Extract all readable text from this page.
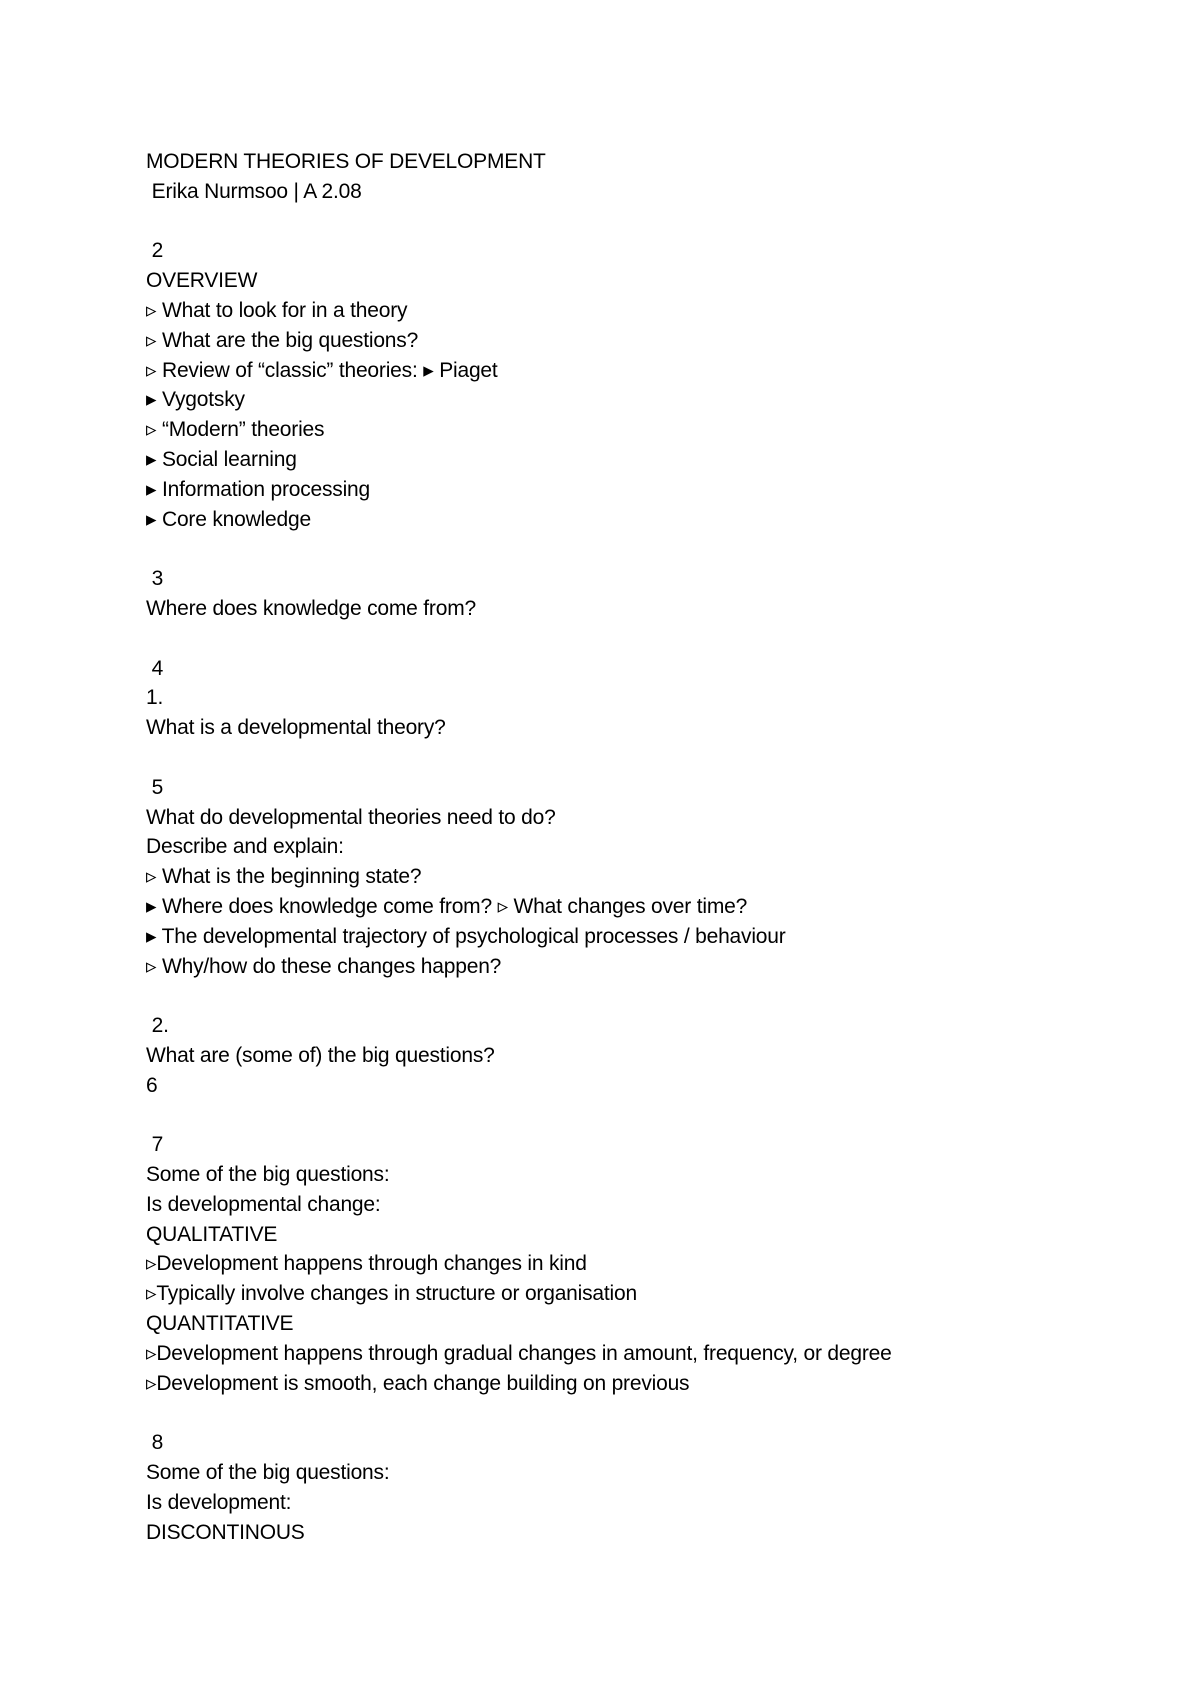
MODERN THEORIES OF DEVELOPMENT
Erika Nurmsoo | A 2.08
2
OVERVIEW
▹ What to look for in a theory
▹ What are the big questions?
▹ Review of “classic” theories: ▸ Piaget
▸ Vygotsky
▹ “Modern” theories
▸ Social learning
▸ Information processing
▸ Core knowledge
3
Where does knowledge come from?
4
1.
What is a developmental theory?
5
What do developmental theories need to do?
Describe and explain:
▹ What is the beginning state?
▸ Where does knowledge come from? ▹ What changes over time?
▸ The developmental trajectory of psychological processes / behaviour
▹ Why/how do these changes happen?
2.
What are (some of) the big questions?
6
7
Some of the big questions:
Is developmental change:
QUALITATIVE
▹Development happens through changes in kind
▹Typically involve changes in structure or organisation
QUANTITATIVE
▹Development happens through gradual changes in amount, frequency, or degree
▹Development is smooth, each change building on previous
8
Some of the big questions:
Is development:
DISCONTINOUS
